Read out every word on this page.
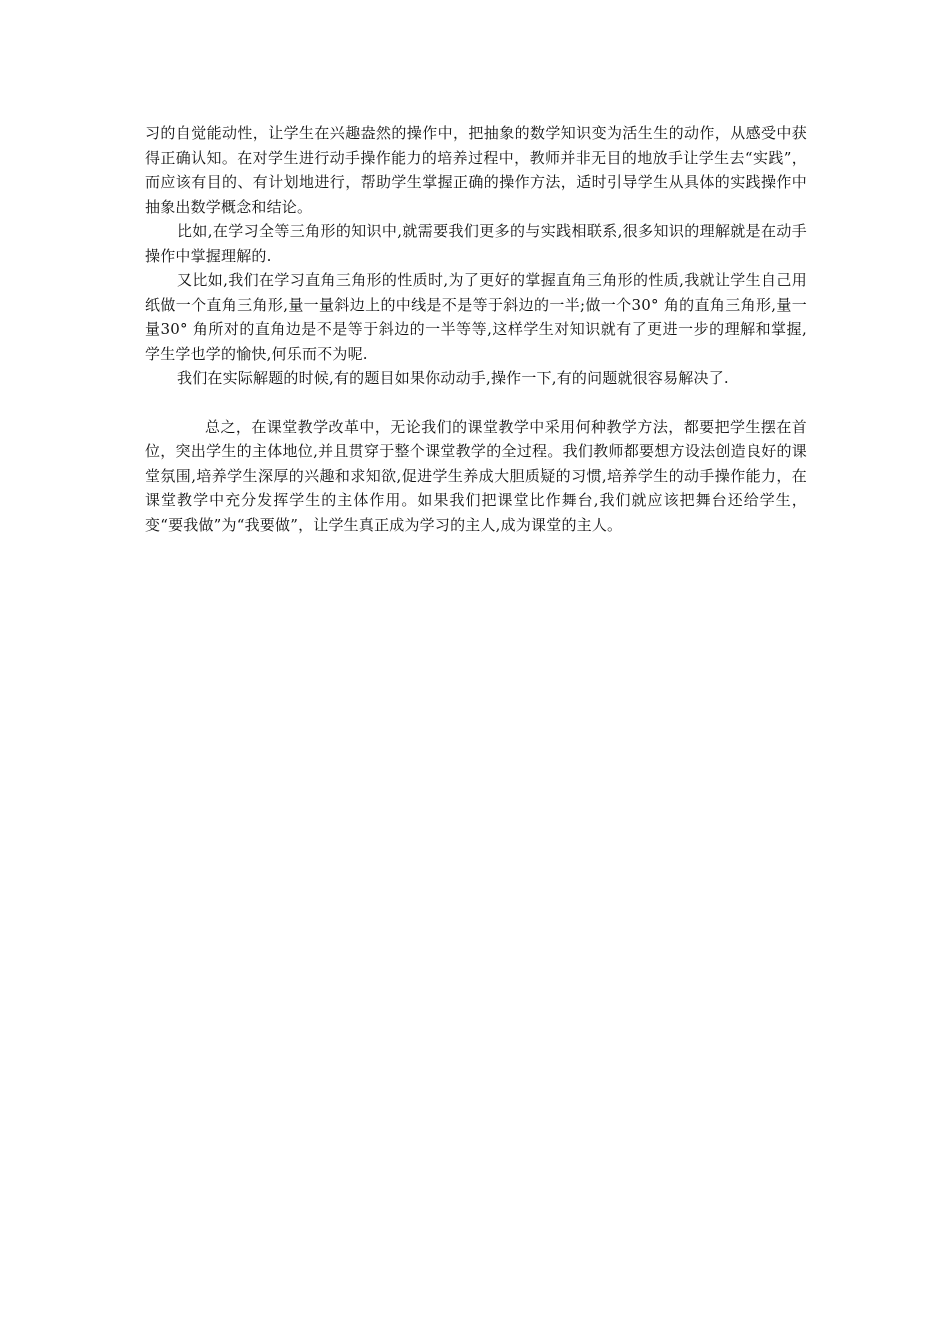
习的自觉能动性，让学生在兴趣盎然的操作中，把抽象的数学知识变为活生生的动作，从感受中获得正确认知。在对学生进行动手操作能力的培养过程中，教师并非无目的地放手让学生去“实践”，而应该有目的、有计划地进行，帮助学生掌握正确的操作方法，适时引导学生从具体的实践操作中抽象出数学概念和结论。

比如,在学习全等三角形的知识中,就需要我们更多的与实践相联系,很多知识的理解就是在动手操作中掌握理解的.

又比如,我们在学习直角三角形的性质时,为了更好的掌握直角三角形的性质,我就让学生自己用纸做一个直角三角形,量一量斜边上的中线是不是等于斜边的一半;做一个30° 角的直角三角形,量一量30° 角所对的直角边是不是等于斜边的一半等等,这样学生对知识就有了更进一步的理解和掌握,学生学也学的愉快,何乐而不为呢.

我们在实际解题的时候,有的题目如果你动动手,操作一下,有的问题就很容易解决了.

总之，在课堂教学改革中，无论我们的课堂教学中采用何种教学方法，都要把学生摆在首位，突出学生的主体地位,并且贯穿于整个课堂教学的全过程。我们教师都要想方设法创造良好的课堂氛围,培养学生深厚的兴趣和求知欲,促进学生养成大胆质疑的习惯,培养学生的动手操作能力，在课堂教学中充分发挥学生的主体作用。如果我们把课堂比作舞台,我们就应该把舞台还给学生，变“要我做”为“我要做”，让学生真正成为学习的主人,成为课堂的主人。
